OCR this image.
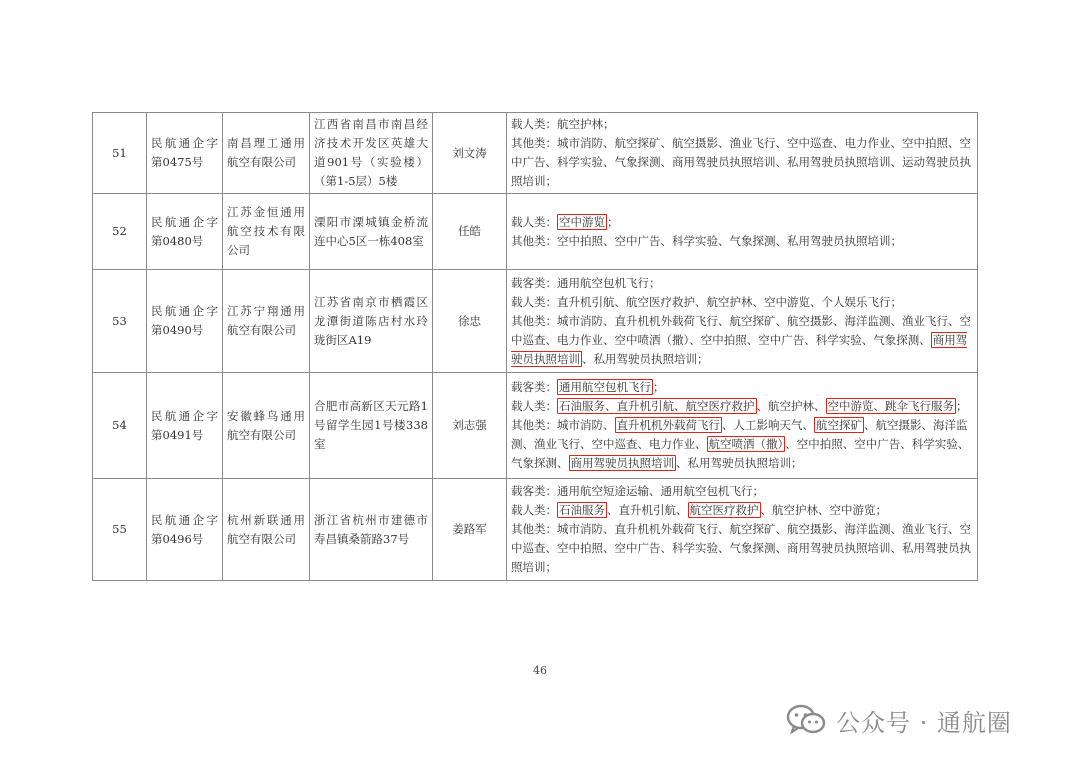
51	民航通企字第0475号	南昌理工通用航空有限公司	江西省南昌市南昌经济技术开发区英雄大道901号（实验楼）（第1-5层）5楼	刘文涛	载人类：航空护林；
其他类：城市消防、航空探矿、航空摄影、渔业飞行、空中巡查、电力作业、空中拍照、空中广告、科学实验、气象探测、商用驾驶员执照培训、私用驾驶员执照培训、运动驾驶员执照培训；

52	民航通企字第0480号	江苏金恒通用航空技术有限公司	溧阳市溧城镇金桥流连中心5区一栋408室	任皓	载人类： 空中游览 ；
其他类：空中拍照、空中广告、科学实验、气象探测、私用驾驶员执照培训；

53	民航通企字第0490号	江苏宁翔通用航空有限公司	江苏省南京市栖霞区龙潭街道陈店村水玲珑街区A19	徐忠	载客类：通用航空包机飞行；
载人类：直升机引航、航空医疗救护、航空护林、空中游览、个人娱乐飞行；
其他类：城市消防、直升机机外载荷飞行、航空探矿、航空摄影、海洋监测、渔业飞行、空中巡查、电力作业、空中喷洒（撒）、空中拍照、空中广告、科学实验、气象探测、 商用驾驶员执照培训 、私用驾驶员执照培训；

54	民航通企字第0491号	安徽蜂鸟通用航空有限公司	合肥市高新区天元路1号留学生园1号楼338室	刘志强	载客类： 通用航空包机飞行 ；
载人类： 石油服务、直升机引航、航空医疗救护 、航空护林、 空中游览、跳伞飞行服务 ；
其他类：城市消防、 直升机机外载荷飞行 、人工影响天气、 航空探矿 、航空摄影、海洋监测、渔业飞行、空中巡查、电力作业、 航空喷洒（撒） 、空中拍照、空中广告、科学实验、气象探测、 商用驾驶员执照培训 、私用驾驶员执照培训；

55	民航通企字第0496号	杭州新联通用航空有限公司	浙江省杭州市建德市寿昌镇桑箭路37号	姜路军	载客类：通用航空短途运输、通用航空包机飞行；
载人类： 石油服务 、直升机引航、 航空医疗救护 、航空护林、空中游览；
其他类：城市消防、直升机机外载荷飞行、航空探矿、航空摄影、海洋监测、渔业飞行、空中巡查、空中拍照、空中广告、科学实验、气象探测、商用驾驶员执照培训、私用驾驶员执照培训；
46
公众号 · 通航圈
